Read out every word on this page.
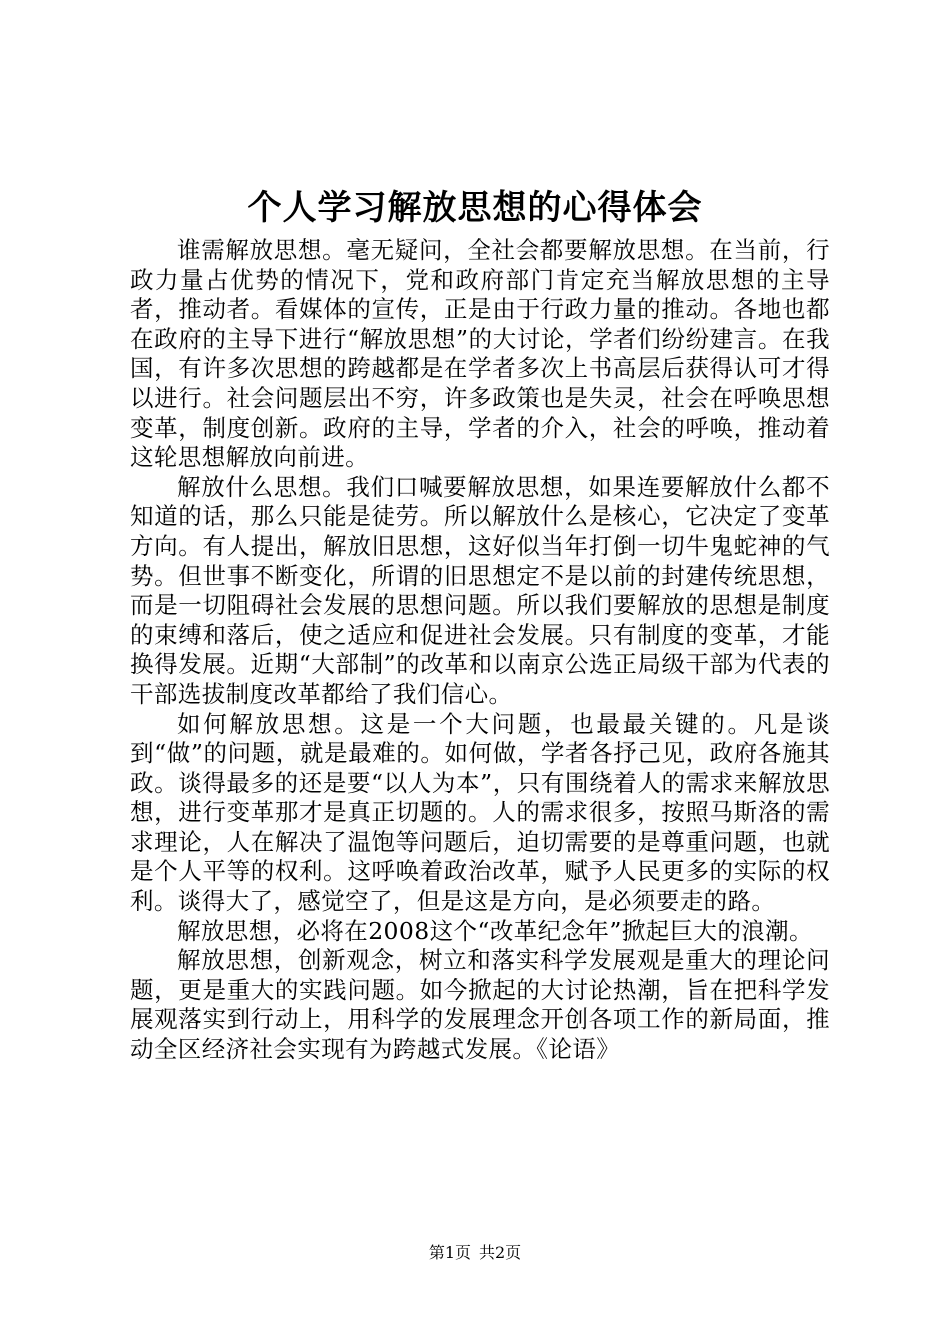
个人学习解放思想的心得体会

谁需解放思想。毫无疑问，全社会都要解放思想。在当前，行政力量占优势的情况下，党和政府部门肯定充当解放思想的主导者，推动者。看媒体的宣传，正是由于行政力量的推动。各地也都在政府的主导下进行“解放思想”的大讨论，学者们纷纷建言。在我国，有许多次思想的跨越都是在学者多次上书高层后获得认可才得以进行。社会问题层出不穷，许多政策也是失灵，社会在呼唤思想变革，制度创新。政府的主导，学者的介入，社会的呼唤，推动着这轮思想解放向前进。

解放什么思想。我们口喊要解放思想，如果连要解放什么都不知道的话，那么只能是徒劳。所以解放什么是核心，它决定了变革方向。有人提出，解放旧思想，这好似当年打倒一切牛鬼蛇神的气势。但世事不断变化，所谓的旧思想定不是以前的封建传统思想，而是一切阻碍社会发展的思想问题。所以我们要解放的思想是制度的束缚和落后，使之适应和促进社会发展。只有制度的变革，才能换得发展。近期“大部制”的改革和以南京公选正局级干部为代表的干部选拔制度改革都给了我们信心。

如何解放思想。这是一个大问题，也最最关键的。凡是谈到“做”的问题，就是最难的。如何做，学者各抒己见，政府各施其政。谈得最多的还是要“以人为本”，只有围绕着人的需求来解放思想，进行变革那才是真正切题的。人的需求很多，按照马斯洛的需求理论，人在解决了温饱等问题后，迫切需要的是尊重问题，也就是个人平等的权利。这呼唤着政治改革，赋予人民更多的实际的权利。谈得大了，感觉空了，但是这是方向，是必须要走的路。

解放思想，必将在2008这个“改革纪念年”掀起巨大的浪潮。

解放思想，创新观念，树立和落实科学发展观是重大的理论问题，更是重大的实践问题。如今掀起的大讨论热潮，旨在把科学发展观落实到行动上，用科学的发展理念开创各项工作的新局面，推动全区经济社会实现有为跨越式发展。《论语》

第1页 共2页
